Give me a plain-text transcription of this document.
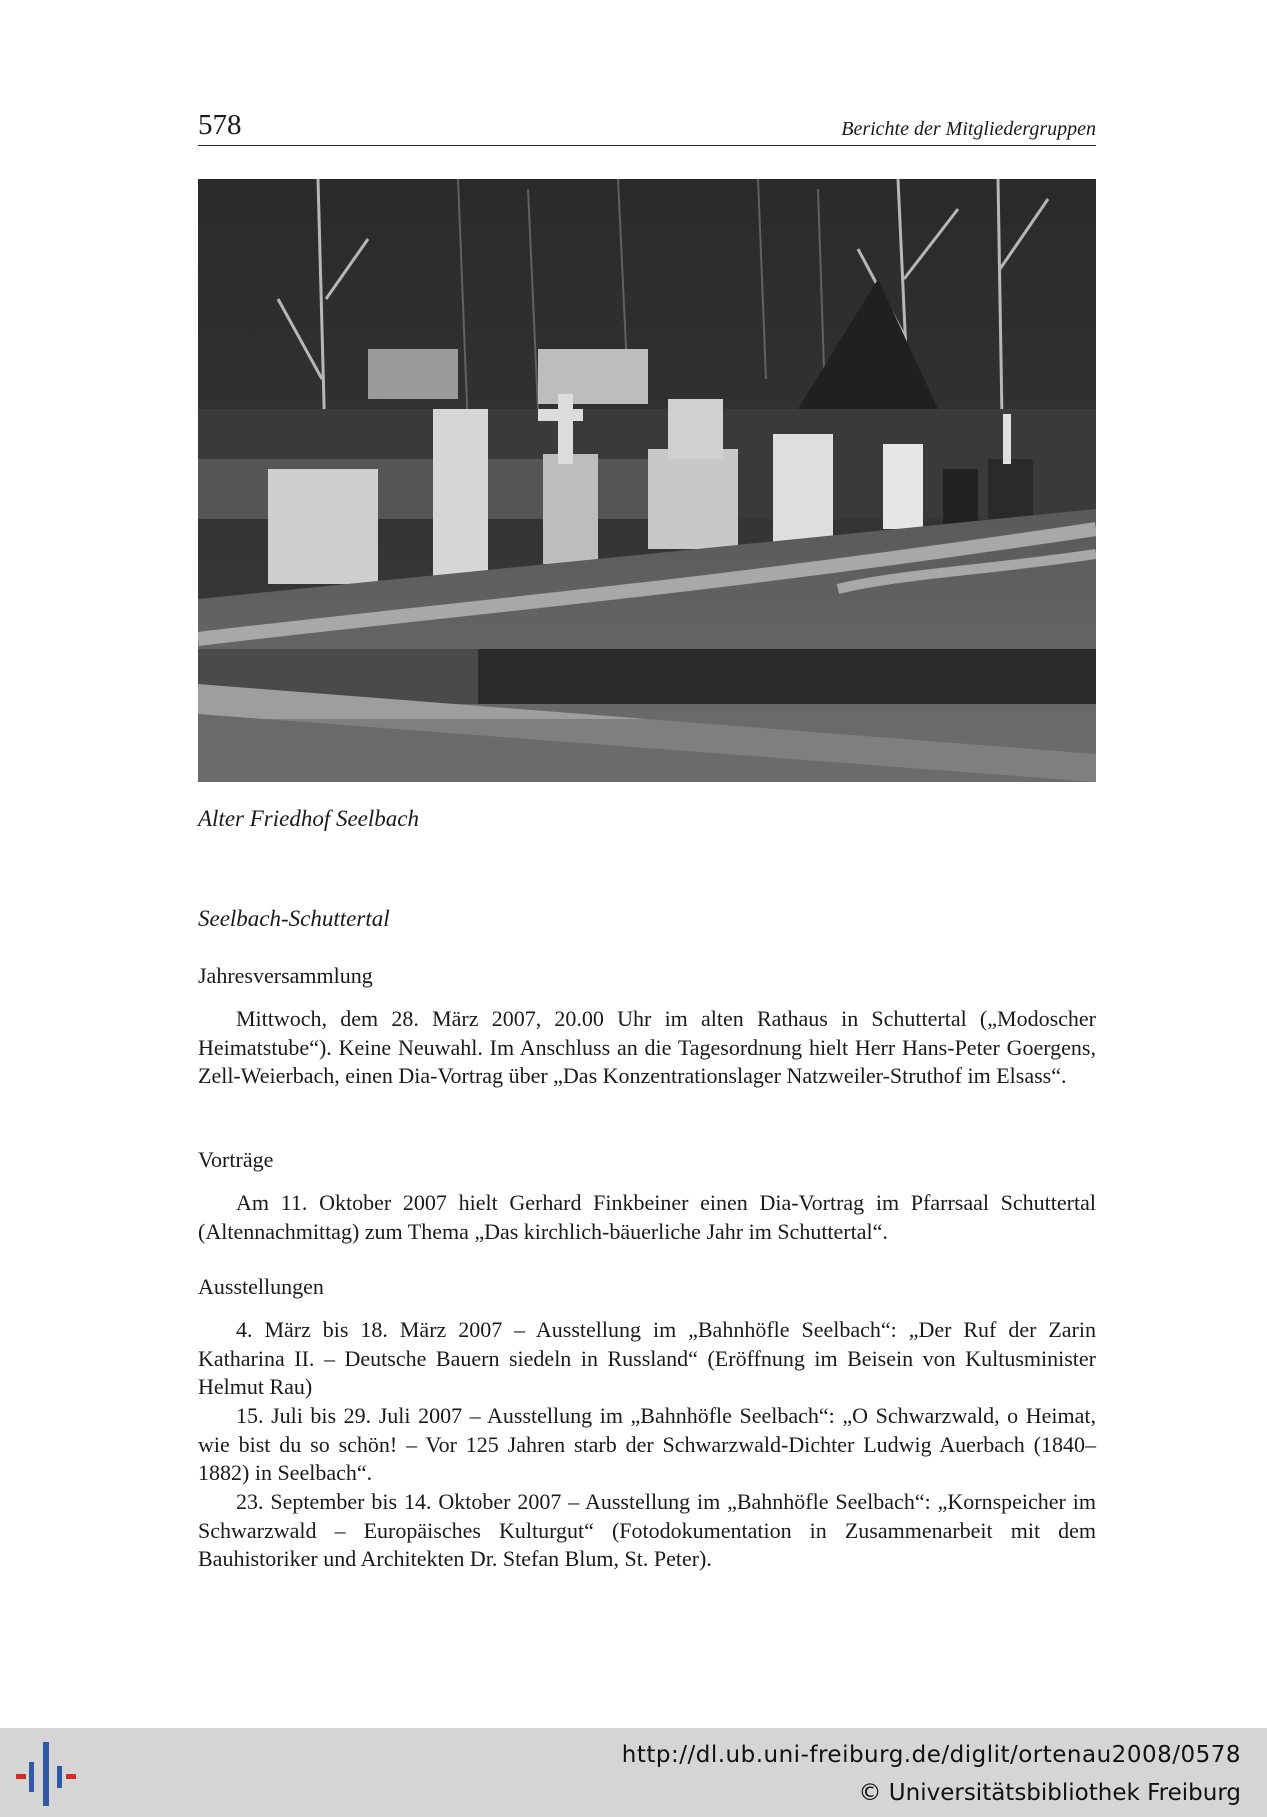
578	Berichte der Mitgliedergruppen
Alter Friedhof Seelbach
Seelbach-Schuttertal
Jahresversammlung

Mittwoch, dem 28. März 2007, 20.00 Uhr im alten Rathaus in Schuttertal („Modoscher Heimatstube“). Keine Neuwahl. Im Anschluss an die Tagesordnung hielt Herr Hans-Peter Goergens, Zell-Weierbach, einen Dia-Vortrag über „Das Konzentrationslager Natzweiler-Struthof im Elsass“.

Vorträge

Am 11. Oktober 2007 hielt Gerhard Finkbeiner einen Dia-Vortrag im Pfarrsaal Schuttertal (Altennachmittag) zum Thema „Das kirchlich-bäuerliche Jahr im Schuttertal“.

Ausstellungen

4. März bis 18. März 2007 – Ausstellung im „Bahnhöfle Seelbach“: „Der Ruf der Zarin Katharina II. – Deutsche Bauern siedeln in Russland“ (Eröffnung im Beisein von Kultusminister Helmut Rau)

15. Juli bis 29. Juli 2007 – Ausstellung im „Bahnhöfle Seelbach“: „O Schwarzwald, o Heimat, wie bist du so schön! – Vor 125 Jahren starb der Schwarzwald-Dichter Ludwig Auerbach (1840–1882) in Seelbach“.

23. September bis 14. Oktober 2007 – Ausstellung im „Bahnhöfle Seelbach“: „Kornspeicher im Schwarzwald – Europäisches Kulturgut“ (Fotodokumentation in Zusammenarbeit mit dem Bauhistoriker und Architekten Dr. Stefan Blum, St. Peter).

http://dl.ub.uni-freiburg.de/diglit/ortenau2008/0578
© Universitätsbibliothek Freiburg
